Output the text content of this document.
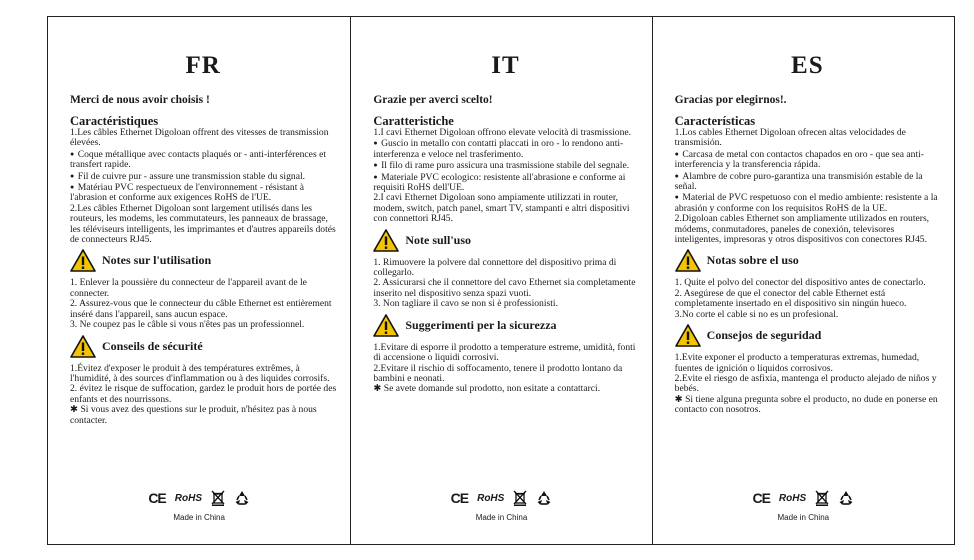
FR
Merci de nous avoir choisis !
Caractéristiques

1.Les câbles Ethernet Digoloan offrent des vitesses de transmission élevées.

●  Coque métallique avec contacts plaqués or - anti-interférences et transfert rapide.

●  Fil de cuivre pur - assure une transmission stable du signal.

●  Matériau PVC respectueux de l'environnement - résistant à l'abrasion et conforme aux exigences RoHS de l'UE.

2.Les câbles Ethernet Digoloan sont largement utilisés dans les routeurs, les modems, les commutateurs, les panneaux de brassage, les téléviseurs intelligents, les imprimantes et d'autres appareils dotés de connecteurs RJ45.

Notes sur l'utilisation

1. Enlever la poussière du connecteur de l'appareil avant de le connecter.

2. Assurez-vous que le connecteur du câble Ethernet est entièrement inséré dans l'appareil, sans aucun espace.

3. Ne coupez pas le câble si vous n'êtes pas un professionnel.

Conseils de sécurité

1.Évitez d'exposer le produit à des températures extrêmes, à l'humidité, à des sources d'inflammation ou à des liquides corrosifs.

2. évitez le risque de suffocation, gardez le produit hors de portée des enfants et des nourrissons.

✱ Si vous avez des questions sur le produit, n'hésitez pas à nous contacter.

CE RoHS
Made in China
IT
Grazie per averci scelto!
Caratteristiche

1.I cavi Ethernet Digoloan offrono elevate velocità di trasmissione.

●  Guscio in metallo con contatti placcati in oro - lo rendono anti-interferenza e veloce nel trasferimento.

●  Il filo di rame puro assicura una trasmissione stabile del segnale.

●  Materiale PVC ecologico: resistente all'abrasione e conforme ai requisiti RoHS dell'UE.

2.I cavi Ethernet Digoloan sono ampiamente utilizzati in router, modem, switch, patch panel, smart TV, stampanti e altri dispositivi con connettori RJ45.

Note sull'uso

1. Rimuovere la polvere dal connettore del dispositivo prima di collegarlo.

2. Assicurarsi che il connettore del cavo Ethernet sia completamente inserito nel dispositivo senza spazi vuoti.

3. Non tagliare il cavo se non si è professionisti.

Suggerimenti per la sicurezza

1.Evitare di esporre il prodotto a temperature estreme, umidità, fonti di accensione o liquidi corrosivi.

2.Evitare il rischio di soffocamento, tenere il prodotto lontano da bambini e neonati.

✱ Se avete domande sul prodotto, non esitate a contattarci.

CE RoHS
Made in China
ES
Gracias por elegirnos!.
Características

1.Los cables Ethernet Digoloan ofrecen altas velocidades de transmisión.

●  Carcasa de metal con contactos chapados en oro - que sea anti-interferencia y la transferencia rápida.

●  Alambre de cobre puro-garantiza una transmisión estable de la señal.

●  Material de PVC respetuoso con el medio ambiente: resistente a la abrasión y conforme con los requisitos RoHS de la UE.

2.Digoloan cables Ethernet son ampliamente utilizados en routers, módems, conmutadores, paneles de conexión, televisores inteligentes, impresoras y otros dispositivos con conectores RJ45.

Notas sobre el uso

1. Quite el polvo del conector del dispositivo antes de conectarlo.

2. Asegúrese de que el conector del cable Ethernet está completamente insertado en el dispositivo sin ningún hueco.

3.No corte el cable si no es un profesional.

Consejos de seguridad

1.Evite exponer el producto a temperaturas extremas, humedad, fuentes de ignición o líquidos corrosivos.

2.Evite el riesgo de asfixia, mantenga el producto alejado de niños y bebés.

✱ Si tiene alguna pregunta sobre el producto, no dude en ponerse en contacto con nosotros.

CE RoHS
Made in China
